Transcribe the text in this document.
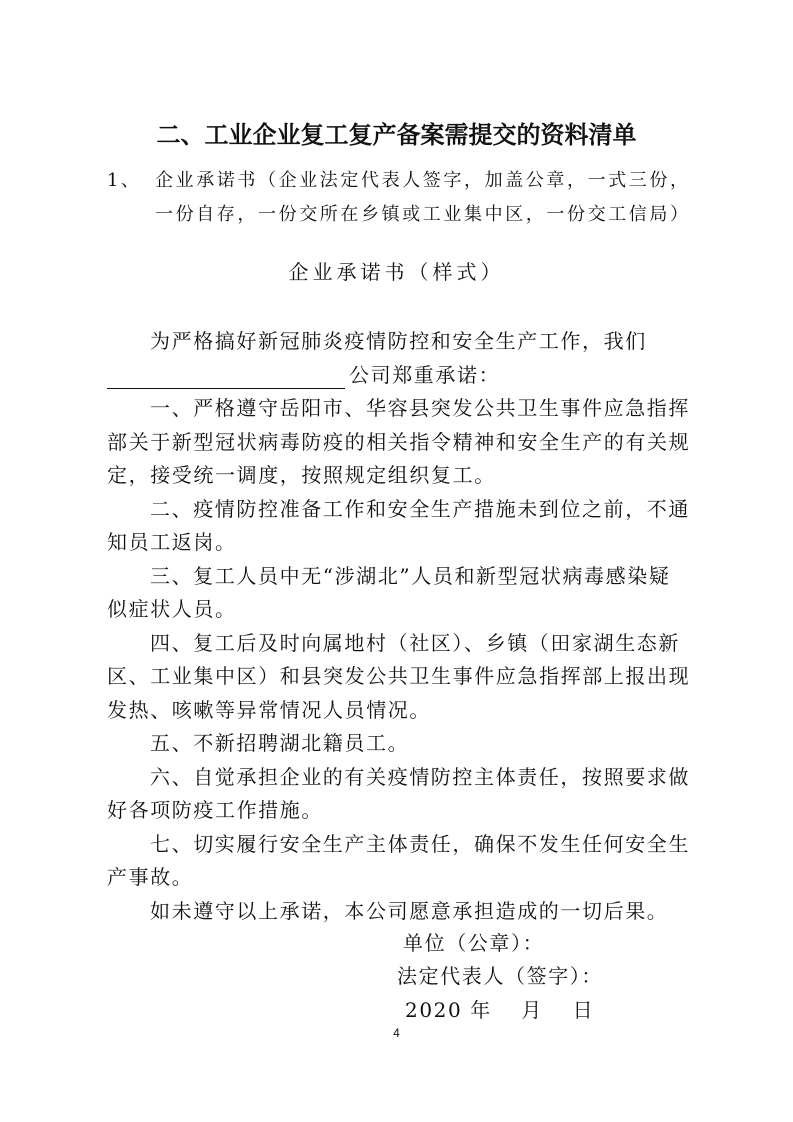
二、工业企业复工复产备案需提交的资料清单
1、 企业承诺书（企业法定代表人签字，加盖公章，一式三份，
一份自存，一份交所在乡镇或工业集中区，一份交工信局）
企业承诺书（样式）
为严格搞好新冠肺炎疫情防控和安全生产工作，我们
公司郑重承诺：
一、严格遵守岳阳市、华容县突发公共卫生事件应急指挥
部关于新型冠状病毒防疫的相关指令精神和安全生产的有关规
定，接受统一调度，按照规定组织复工。
二、疫情防控准备工作和安全生产措施未到位之前，不通
知员工返岗。
三、复工人员中无“涉湖北”人员和新型冠状病毒感染疑
似症状人员。
四、复工后及时向属地村（社区）、乡镇（田家湖生态新
区、工业集中区）和县突发公共卫生事件应急指挥部上报出现
发热、咳嗽等异常情况人员情况。
五、不新招聘湖北籍员工。
六、自觉承担企业的有关疫情防控主体责任，按照要求做
好各项防疫工作措施。
七、切实履行安全生产主体责任，确保不发生任何安全生
产事故。
如未遵守以上承诺，本公司愿意承担造成的一切后果。
单位（公章）：
法定代表人（签字）：
2020 年　 月　 日
4
